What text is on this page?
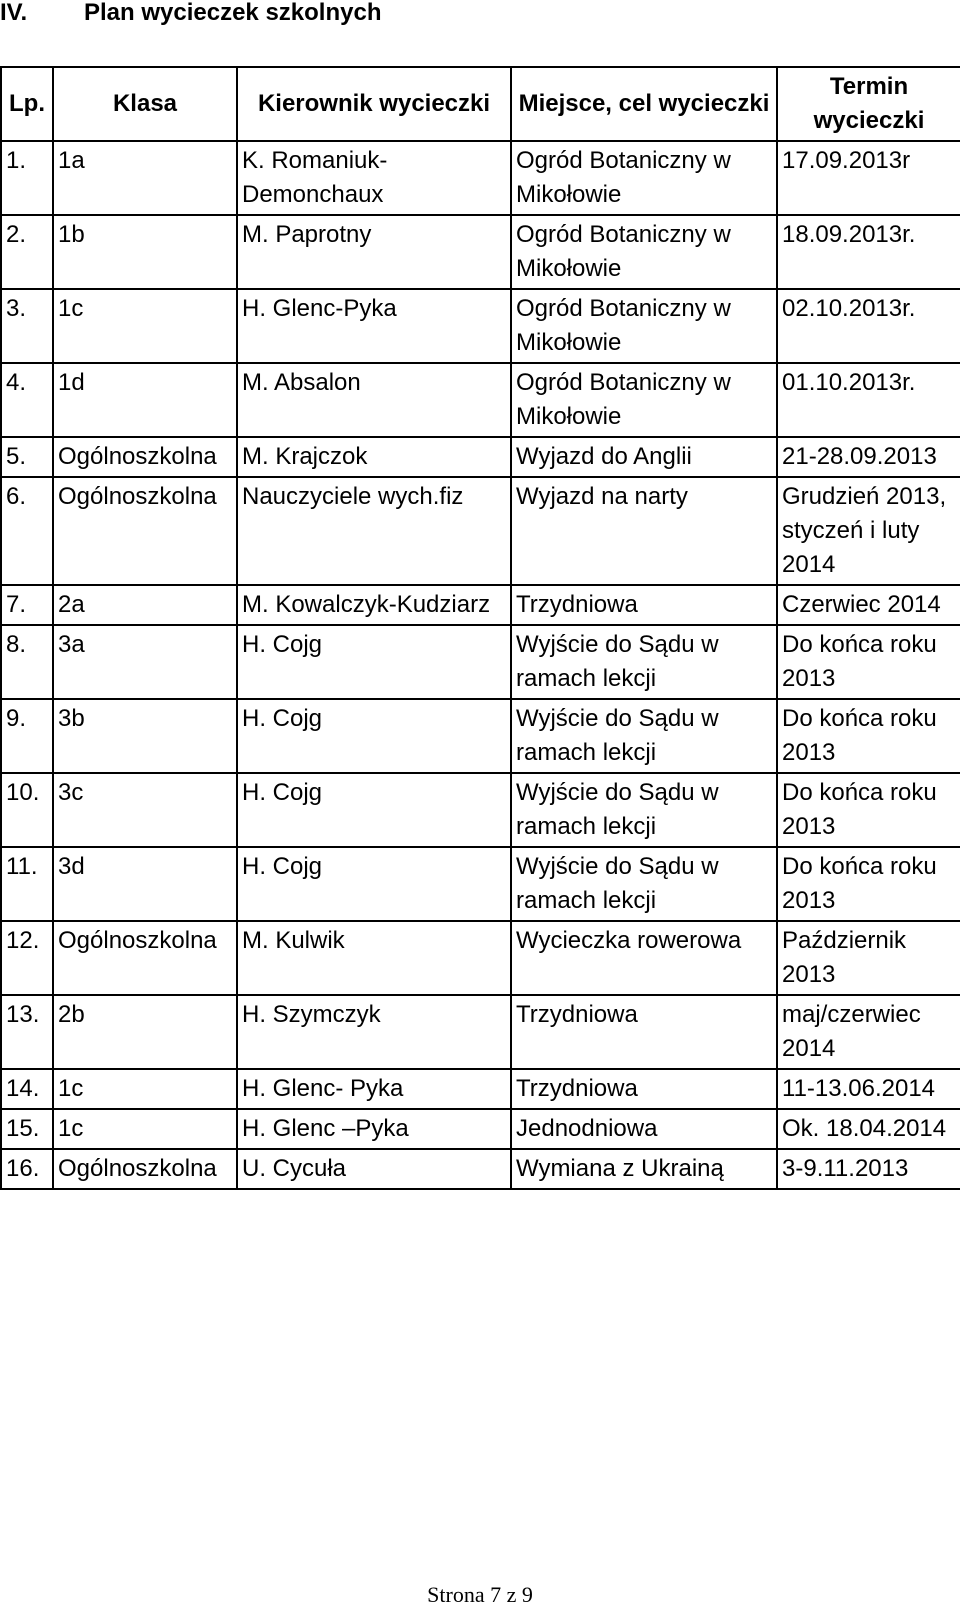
IV. Plan wycieczek szkolnych
Lp.	Klasa	Kierownik wycieczki	Miejsce, cel wycieczki	Termin wycieczki

1.	1a	K. Romaniuk-Demonchaux	Ogród Botaniczny w Mikołowie	17.09.2013r

2.	1b	M. Paprotny	Ogród Botaniczny w Mikołowie	18.09.2013r.

3.	1c	H. Glenc-Pyka	Ogród Botaniczny w Mikołowie	02.10.2013r.

4.	1d	M. Absalon	Ogród Botaniczny w Mikołowie	01.10.2013r.

5.	Ogólnoszkolna	M. Krajczok	Wyjazd do Anglii	21-28.09.2013

6.	Ogólnoszkolna	Nauczyciele wych.fiz	Wyjazd na narty	Grudzień 2013, styczeń i luty 2014

7.	2a	M. Kowalczyk-Kudziarz	Trzydniowa	Czerwiec 2014

8.	3a	H. Cojg	Wyjście do Sądu w ramach lekcji	Do końca roku 2013

9.	3b	H. Cojg	Wyjście do Sądu w ramach lekcji	Do końca roku 2013

10.	3c	H. Cojg	Wyjście do Sądu w ramach lekcji	Do końca roku 2013

11.	3d	H. Cojg	Wyjście do Sądu w ramach lekcji	Do końca roku 2013

12.	Ogólnoszkolna	M. Kulwik	Wycieczka rowerowa	Październik 2013

13.	2b	H. Szymczyk	Trzydniowa	maj/czerwiec 2014

14.	1c	H. Glenc- Pyka	Trzydniowa	11-13.06.2014

15.	1c	H. Glenc –Pyka	Jednodniowa	Ok. 18.04.2014

16.	Ogólnoszkolna	U. Cycuła	Wymiana z Ukrainą	3-9.11.2013
Strona 7 z 9
